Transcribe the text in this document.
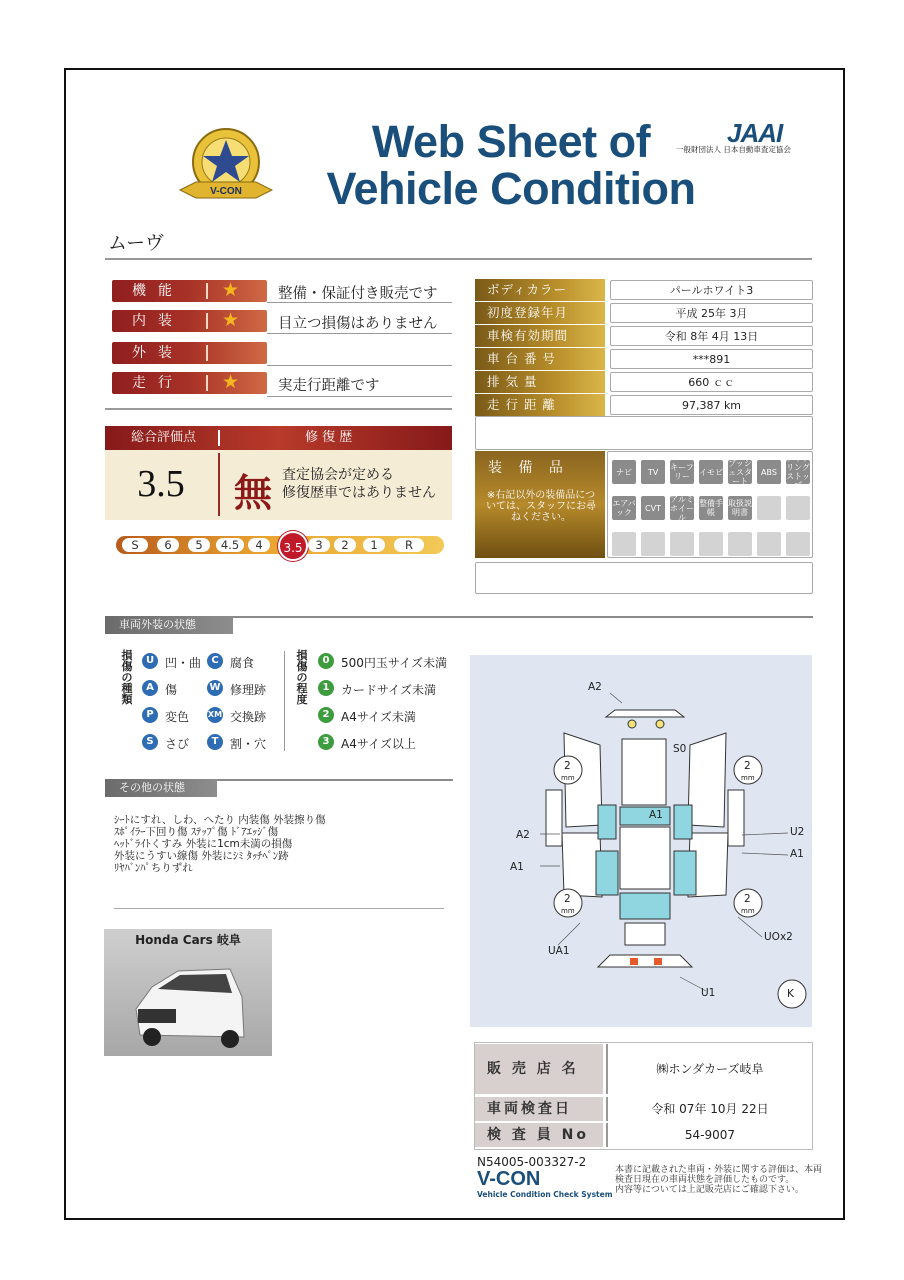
V-CON
Web Sheet of
Vehicle Condition
JAAI
一般財団法人 日本自動車査定協会
ムーヴ
機能 ★	整備・保証付き販売です
内装 ★	目立つ損傷はありません
外装
走行 ★	実走行距離です
総合評価点	修 復 歴
3.5	無 査定協会が定める
修復歴車ではありません
S	6	5	4.5	4	3.5	3	2	1	R
ボディカラー	パールホワイト3
初度登録年月	平成 25年 3月
車検有効期間	令和 8年 4月 13日
車 台 番 号	***891
排 気 量	660 ｃｃ
走 行 距 離	97,387 km
装 備 品
※右記以外の装備品については、スタッフにお尋ねください。
ナビ	TV	キーフリー	イモビ
プッシュスタート
ABS
アイドリングストップ
エアバック	CVT
アルミホイール
整備手帳
取扱説明書
車両外装の状態
損傷の種類
損傷の程度
U 凹・曲	C 腐食
A 傷	W 修理跡
P 変色 XM 交換跡
S さび	T 割・穴
0 500円玉サイズ未満
1 カードサイズ未満
2 A4サイズ未満
3 A4サイズ以上
その他の状態
ｼｰﾄにすれ、しわ、へたり 内装傷 外装擦り傷
ｽﾎﾟｲﾗｰ下回り傷 ｽﾃｯﾌﾟ傷 ﾄﾞｱｴｯｼﾞ傷
ﾍｯﾄﾞﾗｲﾄくすみ 外装に1cm未満の損傷
外装にうすい線傷 外装にｼﾐ ﾀｯﾁﾍﾟﾝ跡
ﾘﾔﾊﾞﾝﾊﾟちりずれ
Honda Cars 岐阜
A2
S0
A1
U2
A2
A1
A1
UA1
UOx2
U1	K
2	2
2	2
mm	mm
mm	mm
販 売 店 名	㈱ホンダカーズ岐阜
車両検査日	令和 07年 10月 22日
検 査 員 No	54-9007
N54005-003327-2
V-CON
Vehicle Condition Check System
本書に記載された車両・外装に関する評価は、本両
検査日現在の車両状態を評価したものです。
内容等については上記販売店にご確認下さい。
